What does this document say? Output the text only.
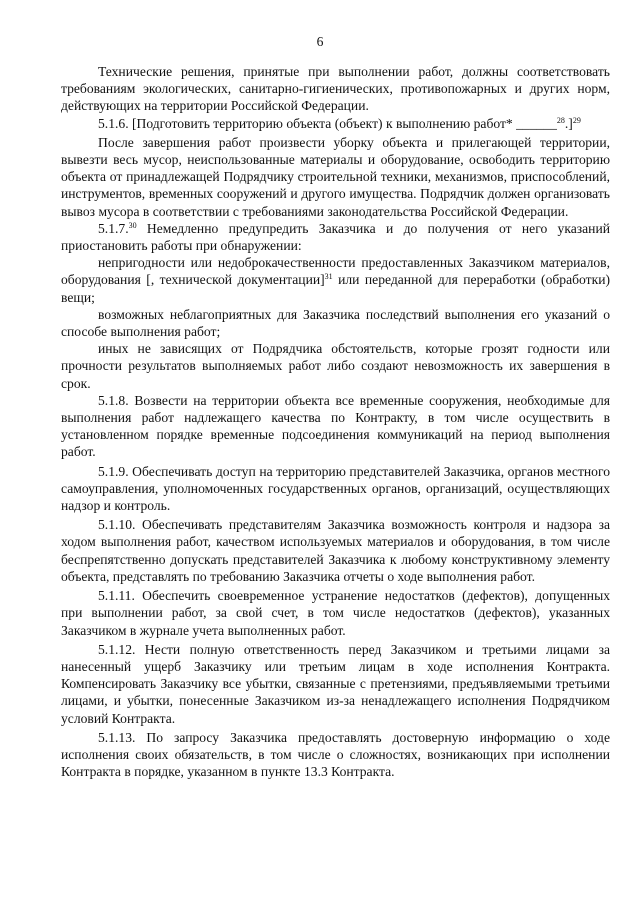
6

Технические решения, принятые при выполнении работ, должны соответствовать требованиям экологических, санитарно-гигиенических, противопожарных и других норм, действующих на территории Российской Федерации.

5.1.6. [Подготовить территорию объекта (объект) к выполнению работ* ______$^{28}$.]$^{29}$

После завершения работ произвести уборку объекта и прилегающей территории, вывезти весь мусор, неиспользованные материалы и оборудование, освободить территорию объекта от принадлежащей Подрядчику строительной техники, механизмов, приспособлений, инструментов, временных сооружений и другого имущества. Подрядчик должен организовать вывоз мусора в соответствии с требованиями законодательства Российской Федерации.

5.1.7.30 Немедленно предупредить Заказчика и до получения от него указаний приостановить работы при обнаружении:

непригодности или недоброкачественности предоставленных Заказчиком материалов, оборудования [, технической документации]$^{31}$ или переданной для переработки (обработки) вещи;

возможных неблагоприятных для Заказчика последствий выполнения его указаний о способе выполнения работ;

иных не зависящих от Подрядчика обстоятельств, которые грозят годности или прочности результатов выполняемых работ либо создают невозможность их завершения в срок.

5.1.8. Возвести на территории объекта все временные сооружения, необходимые для выполнения работ надлежащего качества по Контракту, в том числе осуществить в установленном порядке временные подсоединения коммуникаций на период выполнения работ.

5.1.9. Обеспечивать доступ на территорию представителей Заказчика, органов местного самоуправления, уполномоченных государственных органов, организаций, осуществляющих надзор и контроль.

5.1.10. Обеспечивать представителям Заказчика возможность контроля и надзора за ходом выполнения работ, качеством используемых материалов и оборудования, в том числе беспрепятственно допускать представителей Заказчика к любому конструктивному элементу объекта, представлять по требованию Заказчика отчеты о ходе выполнения работ.

5.1.11. Обеспечить своевременное устранение недостатков (дефектов), допущенных при выполнении работ, за свой счет, в том числе недостатков (дефектов), указанных Заказчиком в журнале учета выполненных работ.

5.1.12. Нести полную ответственность перед Заказчиком и третьими лицами за нанесенный ущерб Заказчику или третьим лицам в ходе исполнения Контракта. Компенсировать Заказчику все убытки, связанные с претензиями, предъявляемыми третьими лицами, и убытки, понесенные Заказчиком из-за ненадлежащего исполнения Подрядчиком условий Контракта.

5.1.13. По запросу Заказчика предоставлять достоверную информацию о ходе исполнения своих обязательств, в том числе о сложностях, возникающих при исполнении Контракта в порядке, указанном в пункте 13.3 Контракта.
